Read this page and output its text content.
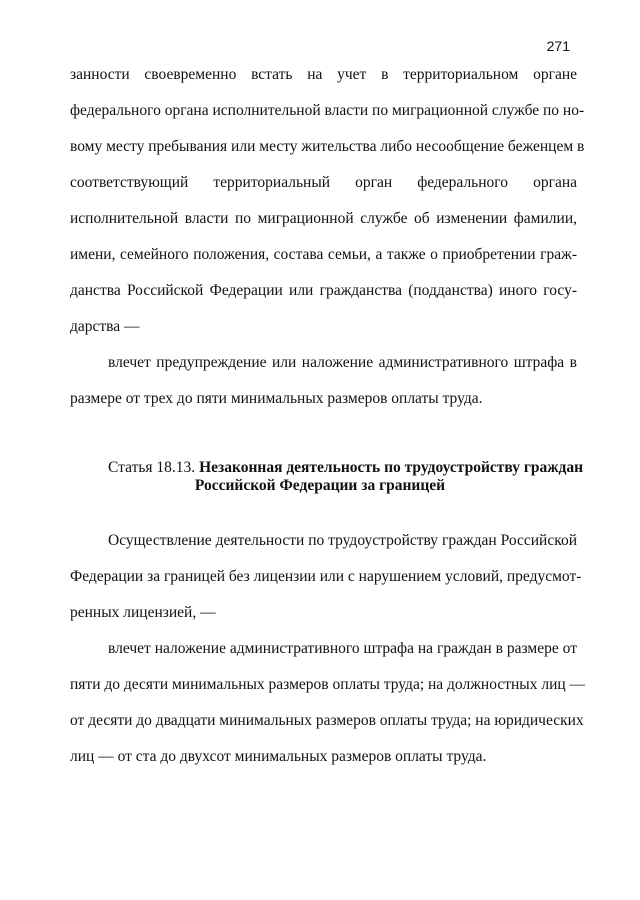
271
занности своевременно встать на учет в территориальном органе
федерального органа исполнительной власти по миграционной службе по но-
вому месту пребывания или месту жительства либо несообщение беженцем в
соответствующий территориальный орган федерального органа
исполнительной власти по миграционной службе об изменении фамилии,
имени, семейного положения, состава семьи, а также о приобретении граж-
данства Российской Федерации или гражданства (подданства) иного госу-
дарства —
влечет предупреждение или наложение административного штрафа в
размере от трех до пяти минимальных размеров оплаты труда.
Статья 18.13. Незаконная деятельность по трудоустройству граждан
Российской Федерации за границей
Осуществление деятельности по трудоустройству граждан Российской
Федерации за границей без лицензии или с нарушением условий, предусмот-
ренных лицензией, —
влечет наложение административного штрафа на граждан в размере от
пяти до десяти минимальных размеров оплаты труда; на должностных лиц —
от десяти до двадцати минимальных размеров оплаты труда; на юридических
лиц — от ста до двухсот минимальных размеров оплаты труда.
